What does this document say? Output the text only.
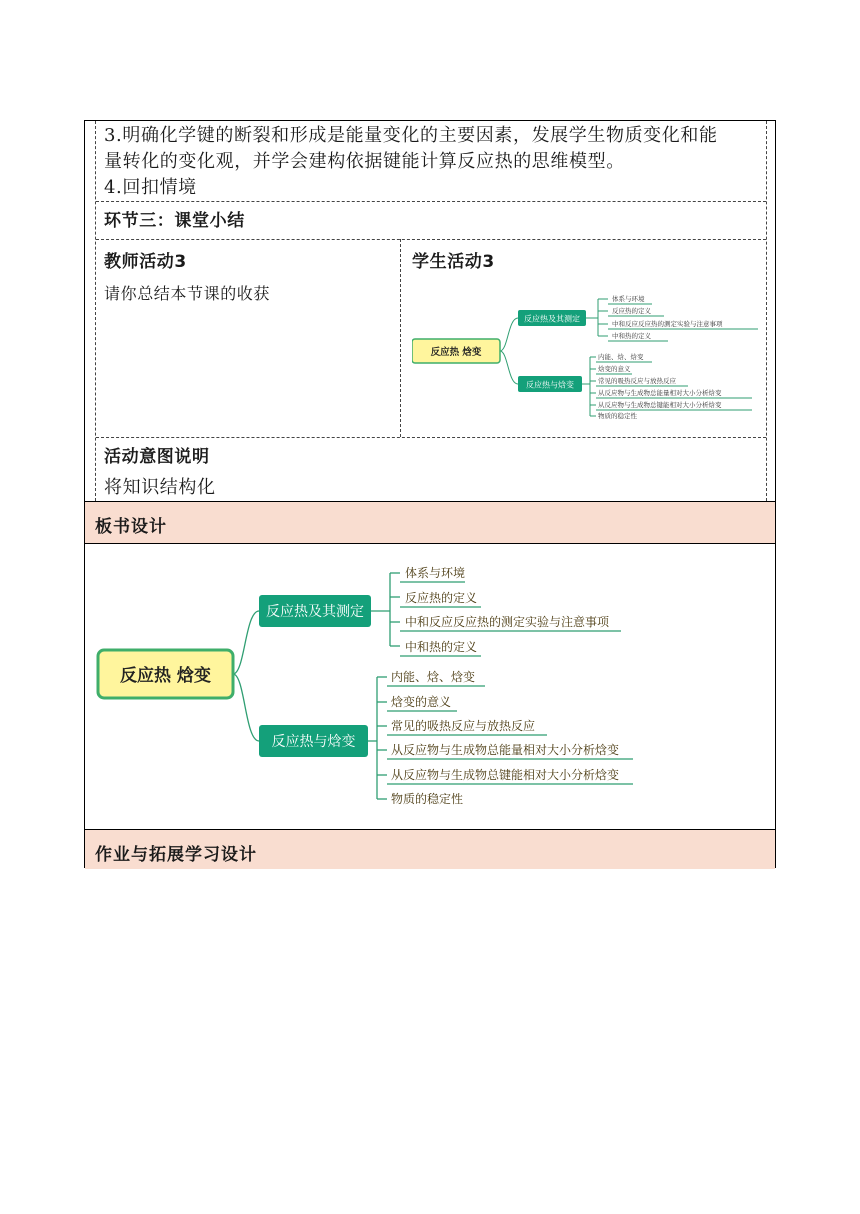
3.明确化学键的断裂和形成是能量变化的主要因素，发展学生物质变化和能
量转化的变化观，并学会建构依据键能计算反应热的思维模型。
4.回扣情境
环节三：课堂小结
教师活动3
请你总结本节课的收获
学生活动3
反应热 焓变
反应热及其测定
反应热与焓变
体系与环境
反应热的定义
中和反应反应热的测定实验与注意事项
中和热的定义
内能、焓、焓变
焓变的意义
常见的吸热反应与放热反应
从反应物与生成物总能量相对大小分析焓变
从反应物与生成物总键能相对大小分析焓变
物质的稳定性
活动意图说明
将知识结构化
板书设计
反应热 焓变
反应热及其测定
反应热与焓变
体系与环境
反应热的定义
中和反应反应热的测定实验与注意事项
中和热的定义
内能、焓、焓变
焓变的意义
常见的吸热反应与放热反应
从反应物与生成物总能量相对大小分析焓变
从反应物与生成物总键能相对大小分析焓变
物质的稳定性
作业与拓展学习设计
